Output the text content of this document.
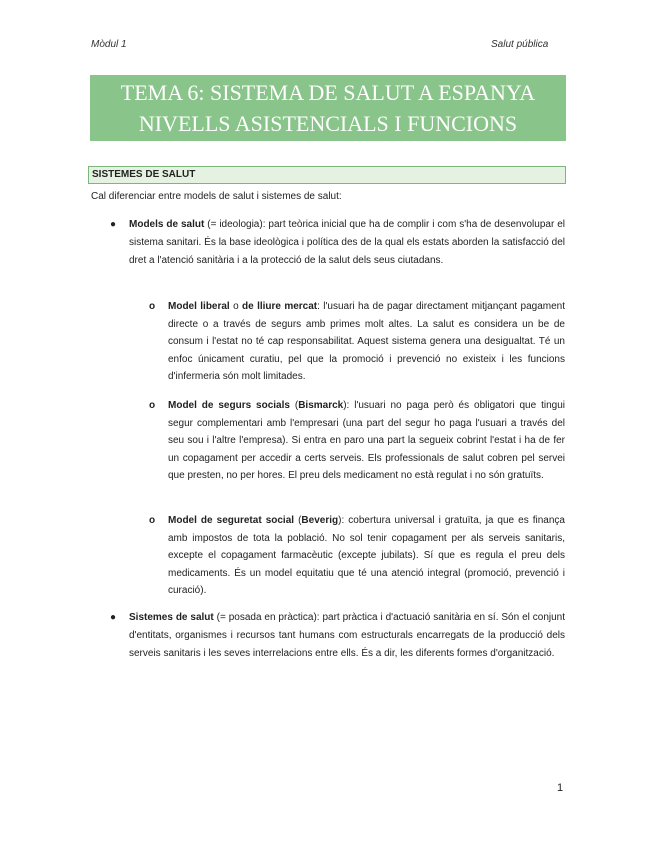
Mòdul 1	Salut pública
TEMA 6: SISTEMA DE SALUT A ESPANYA
NIVELLS ASISTENCIALS I FUNCIONS
SISTEMES DE SALUT
Cal diferenciar entre models de salut i sistemes de salut:
● Models de salut (= ideologia): part teòrica inicial que ha de complir i com s'ha de desenvolupar el sistema sanitari. És la base ideològica i política des de la qual els estats aborden la satisfacció del dret a l'atenció sanitària i a la protecció de la salut dels seus ciutadans.
o Model liberal o de lliure mercat: l'usuari ha de pagar directament mitjançant pagament directe o a través de segurs amb primes molt altes. La salut es considera un be de consum i l'estat no té cap responsabilitat. Aquest sistema genera una desigualtat. Té un enfoc únicament curatiu, pel que la promoció i prevenció no existeix i les funcions d'infermeria són molt limitades.
o Model de segurs socials (Bismarck): l'usuari no paga però és obligatori que tingui segur complementari amb l'empresari (una part del segur ho paga l'usuari a través del seu sou i l'altre l'empresa). Si entra en paro una part la segueix cobrint l'estat i ha de fer un copagament per accedir a certs serveis. Els professionals de salut cobren pel servei que presten, no per hores. El preu dels medicament no està regulat i no són gratuïts.
o Model de seguretat social (Beverig): cobertura universal i gratuïta, ja que es finança amb impostos de tota la població. No sol tenir copagament per als serveis sanitaris, excepte el copagament farmacèutic (excepte jubilats). Sí que es regula el preu dels medicaments. És un model equitatiu que té una atenció integral (promoció, prevenció i curació).
● Sistemes de salut (= posada en pràctica): part pràctica i d'actuació sanitària en sí. Són el conjunt d'entitats, organismes i recursos tant humans com estructurals encarregats de la producció dels serveis sanitaris i les seves interrelacions entre ells. És a dir, les diferents formes d'organització.
1
